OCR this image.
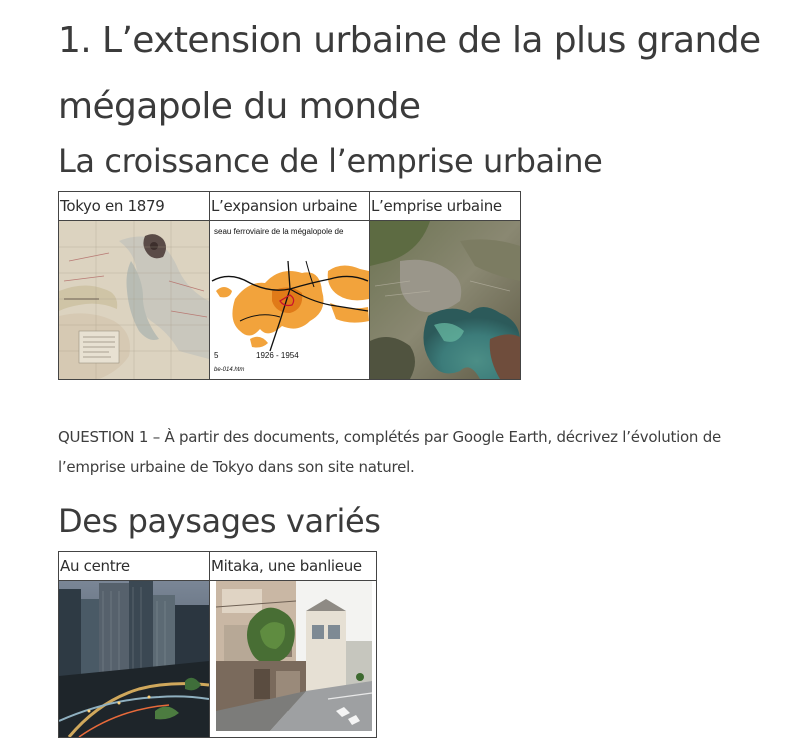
1. L’extension urbaine de la plus grande mégapole du monde
La croissance de l’emprise urbaine
Tokyo en 1879	L’expansion urbaine	L’emprise urbaine

seau ferroviaire de la mégalopole de
5 1926 - 1954
be-014.htm

QUESTION 1 – À partir des documents, complétés par Google Earth, décrivez l’évolution de l’emprise urbaine de Tokyo dans son site naturel.

Des paysages variés
Au centre	Mitaka, une banlieue
